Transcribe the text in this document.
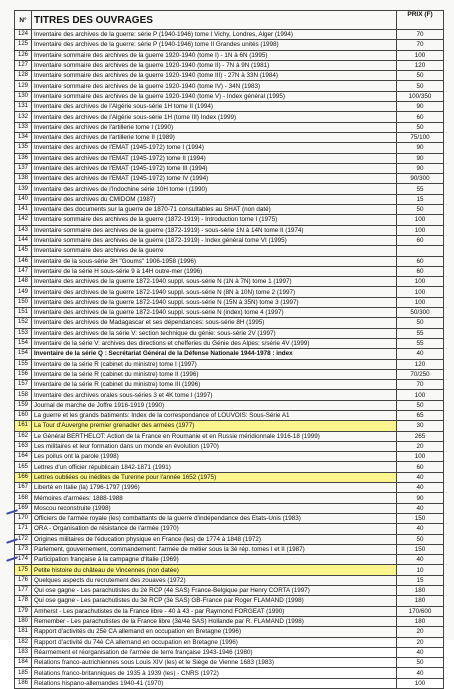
N°	TITRES DES OUVRAGES	PRIX (F)
124	Inventaire des archives de la guerre: série P (1940-1946) tome I Vichy, Londres, Alger (1994)	70
125	Inventaire des archives de la guerre: série P (1940-1946) tome II Grandes unités (1998)	70
126	Inventaire sommaire des archives de la guerre 1920-1940 (tome I) - 1N à 6N (1995)	100
127	Inventaire sommaire des archives de la guerre 1920-1940 (tome II) - 7N à 9N (1981)	120
128	Inventaire sommaire des archives de la guerre 1920-1940 (tome III) - 27N à 33N (1984)	50
129	Inventaire sommaire des archives de la guerre 1920-1940 (tome IV) - 34N (1983)	50
130	Inventaire sommaire des archives de la guerre 1920-1940 (tome V) - Index général (1995)	100/350
131	Inventaire des archives de l'Algérie sous-série 1H tome II (1994)	90
132	Inventaire des archives de l'Algérie sous-série 1H (tome III) Index (1999)	60
133	Inventaire des archives de l'artillerie tome I (1990)	50
134	Inventaire des archives de l'artillerie tome II (1989)	75/100
135	Inventaire des archives de l'EMAT (1945-1972) tome I (1994)	90
136	Inventaire des archives de l'EMAT (1945-1972) tome II (1994)	90
137	Inventaire des archives de l'EMAT (1945-1972) tome III (1994)	90
138	Inventaire des archives de l'EMAT (1945-1972) tome IV (1994)	90/300
139	Inventaire des archives de l'Indochine série 10H tome I (1990)	55
140	Inventaire des archives du CMIDOM (1987)	15
141	Inventaire des documents sur la guerre de 1870-71 consultables au SHAT (non daté)	50
142	Inventaire sommaire des archives de la guerre (1872-1919) - Introduction tome I (1975)	100
143	Inventaire sommaire des archives de la guerre (1872-1919) - sous-série 1N à 14N tome II (1974)	100
144	Inventaire sommaire des archives de la guerre (1872-1919) - Index général tome VI (1995)	60
145	Inventaire sommaire des archives de la guerre	
146	Inventaire de la sous-série 3H "Goums" 1906-1958 (1996)	60
147	Inventaire de la série H sous-série 9 à 14H outre-mer (1996)	60
148	Inventaire des archives de la guerre 1872-1940 suppl. sous-série N (1N à 7N) tome 1 (1997)	100
149	Inventaire des archives de la guerre 1872-1940 suppl. sous-série N (8N à 10N) tome 2 (1997)	100
150	Inventaire des archives de la guerre 1872-1940 suppl. sous-série N (15N à 35N) tome 3 (1997)	100
151	Inventaire des archives de la guerre 1872-1940 suppl. sous-série N (index) tome 4 (1997)	50/300
152	Inventaire des archives de Madagascar et ses dépendances: sous-série 8H (1995)	50
153	Inventaire des archives de la série V: section technique du génie: sous-série 2V (1997)	55
154	Inventaire de la série V: archives des directions et chefferies du Génie des Alpes: s/série 4V (1999)	55
154	Inventaire de la série Q : Secrétariat Général de la Défense Nationale 1944-1978 : index	40
155	Inventaire de la série R (cabinet du ministre) tome I (1997)	120
156	Inventaire de la série R (cabinet du ministre) tome II (1996)	70/250
157	Inventaire de la série R (cabinet du ministre) tome III (1996)	70
158	Inventaire des archives orales sous-séries 3 et 4K tome I (1997)	100
159	Journal de marche de Joffre 1916-1919 (1990)	50
160	La guerre et les grands batiments: Index de la correspondance of LOUVOIS: Sous-Série A1	65
161	La Tour d'Auvergne premier grenadier des armées (1977)	30
162	Le Général BERTHELOT: Action de la France en Roumanie et en Russie méridionnale 1916-18 (1999)	265
163	Les militaires et leur formation dans un monde en évolution (1970)	20
164	Les poilus ont la parole (1998)	100
165	Lettres d'un officier républicain 1842-1871 (1991)	60
166	Lettres oubliées ou inédites de Turenne pour l'année 1652 (1975)	40
167	Liberté en Italie (la) 1796-1797 (1996)	40
168	Mémoires d'armées: 1888-1988	90
169	Moscou reconstruite (1998)	40
170	Officiers de l'armée royale (les) combattants de la guerre d'indépendance des Etats-Unis (1983)	150
171	ORA - Organisation de résistance de l'armée (1970)	40
172	Origines militaires de l'éducation physique en France (les) de 1774 à 1848 (1972)	50
173	Parlement, gouvernement, commandement: l'armée de métier sous la 3è rép. tomes I et II (1987)	150
174	Participation française à la campagne d'Italie (1969)	40
175	Petite histoire du château de Vincennes (non datée)	10
176	Quelques aspects du recrutement des zouaves (1972)	15
177	Qui ose gagne - Les parachutistes du 2è RCP (4è SAS) France-Belgique par Henry CORTA (1997)	180
178	Qui ose gagne - Les parachutistes du 3è RCP (3è SAS) GB-France par Roger FLAMAND (1998)	180
179	Amherst - Les parachutistes de la France libre - 40 à 43 - par Raymond FORGEAT (1990)	170/600
180	Remember - Les parachutistes de la France libre (3è/4è SAS) Hollande par R. FLAMAND (1998)	180
181	Rapport d'activités du 25è CA allemand en occupation en Bretagne (1996)	20
182	Rapport d'activité du 74è CA allemand en occupation en Bretagne (1996)	20
183	Réarmement et réorganisation de l'armée de terre française 1943-1946 (1980)	40
184	Relations franco-autrichiennes sous Louis XIV (les) et le Siège de Vienne 1683 (1983)	50
185	Relations franco-britanniques de 1935 à 1939 (les) - CNRS (1972)	40
186	Relations hispano-allemandes 1940-41 (1970)	100
